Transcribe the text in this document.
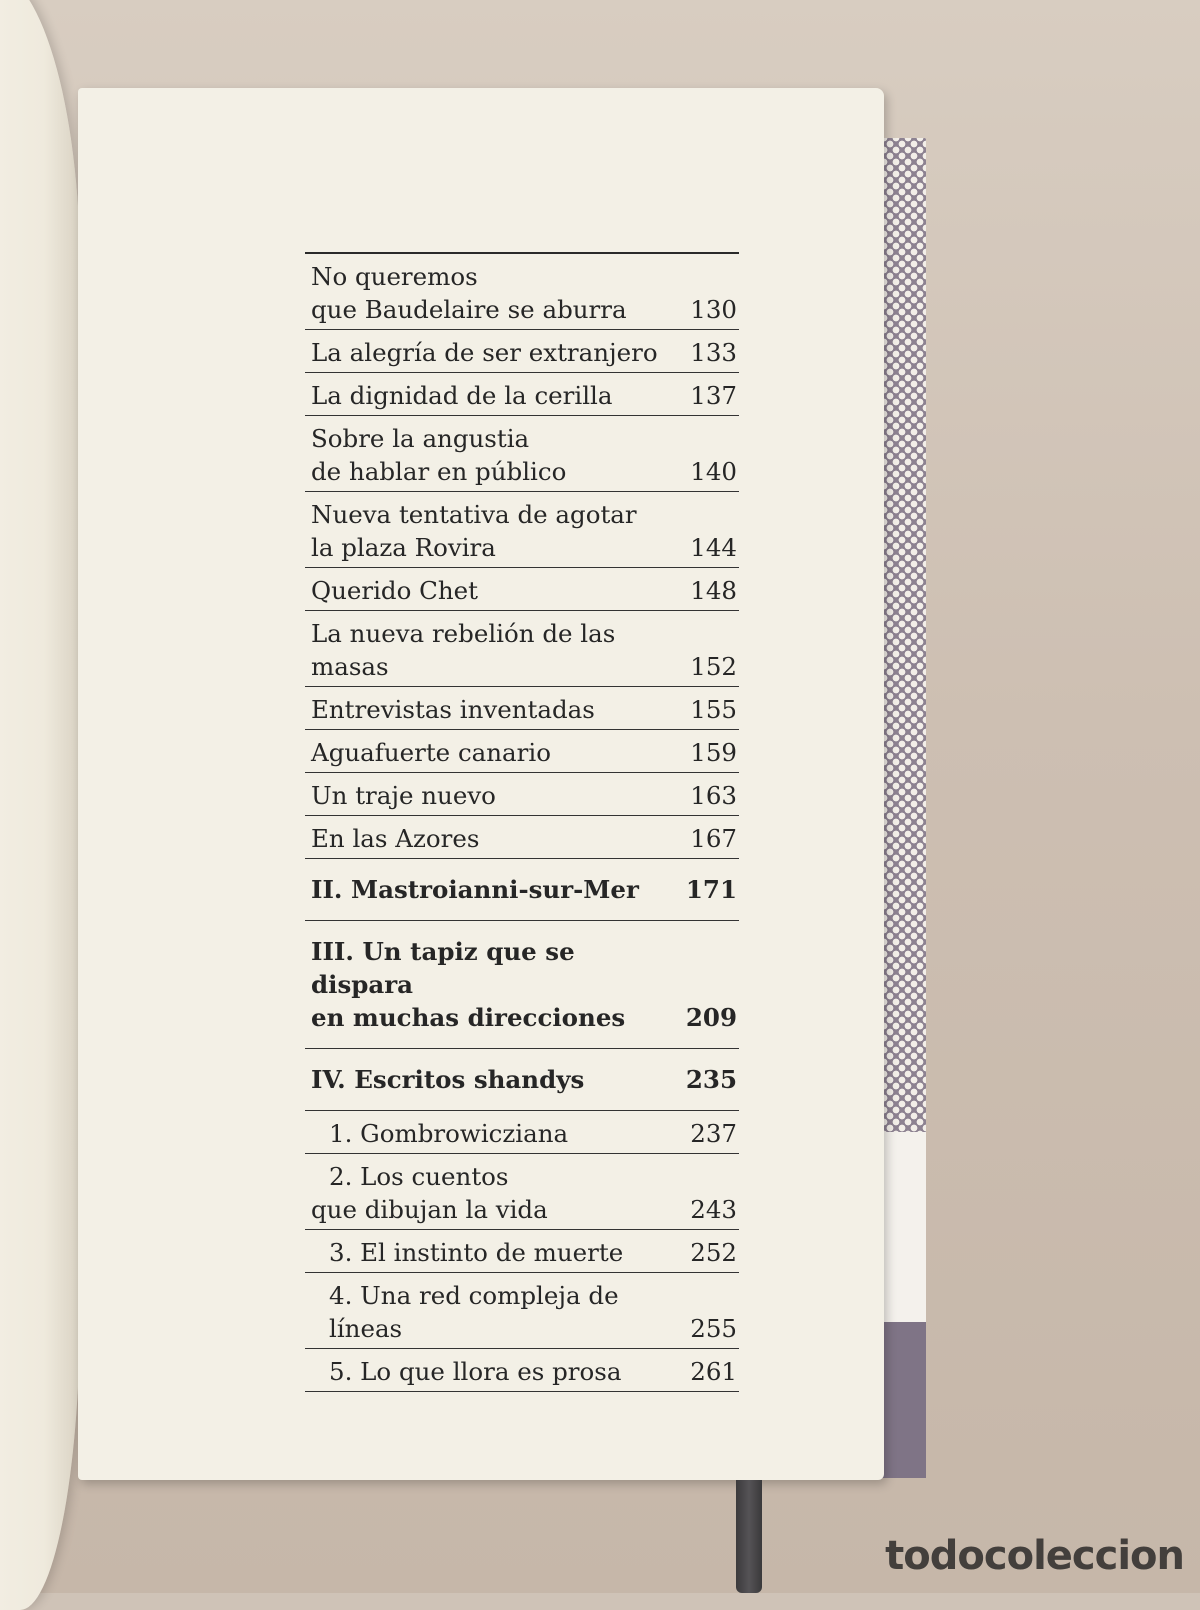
No queremos
que Baudelaire se aburra	130
La alegría de ser extranjero	133
La dignidad de la cerilla	137
Sobre la angustia
de hablar en público	140
Nueva tentativa de agotar
la plaza Rovira	144
Querido Chet	148
La nueva rebelión de las masas	152
Entrevistas inventadas	155
Aguafuerte canario	159
Un traje nuevo	163
En las Azores	167
II. Mastroianni-sur-Mer	171
III. Un tapiz que se dispara
en muchas direcciones	209
IV. Escritos shandys	235
1. Gombrowicziana	237
2. Los cuentos
que dibujan la vida	243
3. El instinto de muerte	252
4. Una red compleja de líneas	255
5. Lo que llora es prosa	261
todocoleccion
